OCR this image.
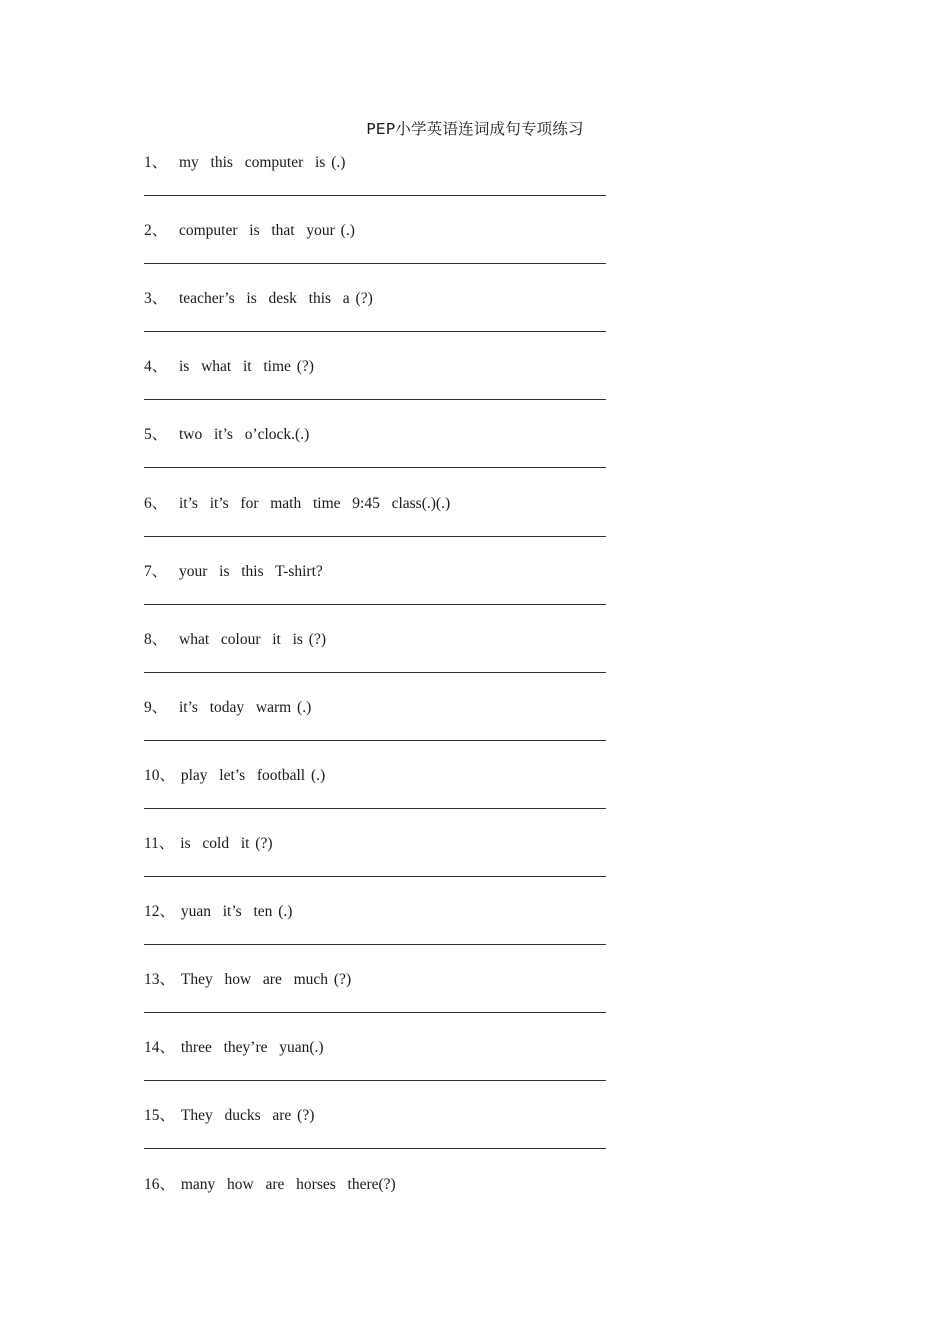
PEP小学英语连词成句专项练习
1、  my  this  computer  is (.)
2、  computer  is  that  your (.)
3、  teacher’s  is  desk  this  a (?)
4、  is  what  it  time (?)
5、  two  it’s  o’clock.(.)
6、  it’s  it’s  for  math  time  9:45  class(.)(.)
7、  your  is  this  T-shirt?
8、  what  colour  it  is (?)
9、  it’s  today  warm (.)
10、 play  let’s  football (.)
11、 is  cold  it (?)
12、 yuan  it’s  ten (.)
13、 They  how  are  much (?)
14、 three  they’re  yuan(.)
15、 They  ducks  are (?)
16、 many  how  are  horses  there(?)
